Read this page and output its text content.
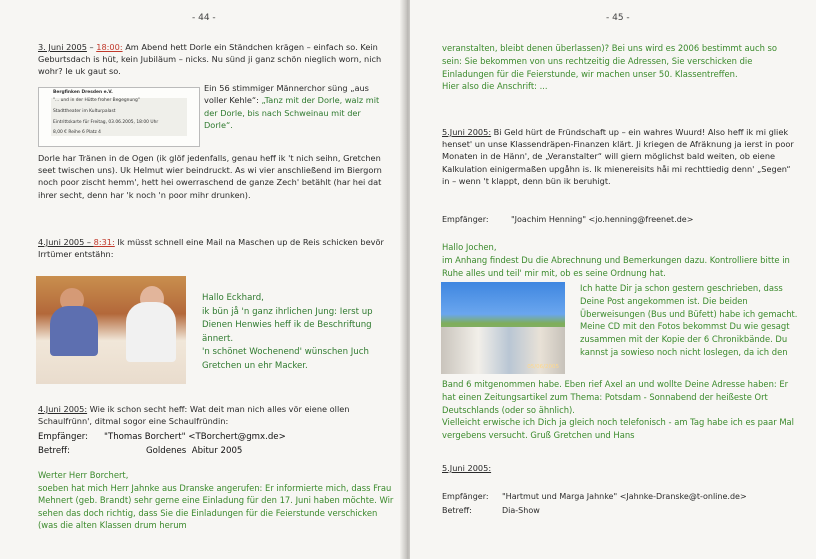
- 44 -

3. Juni 2005 – 18:00: Am Abend hett Dorle ein Ständchen krägen – einfach so. Kein Geburtsdach is hüt, kein Jubiläum – nicks. Nu sünd ji ganz schön nieglich worn, nich wohr? Ie uk gaut so.

Bergfinken Dresden e.V.
"... und in der Hütte froher Begegnung"
Stadttheater im Kulturpalast
Eintrittskarte für Freitag, 03.06.2005, 18:00 Uhr
8,00 € Reihe 6 Platz 4

Ein 56 stimmiger Männerchor süng „aus voller Kehle“: „Tanz mit der Dorle, walz mit der Dorle, bis nach Schweinau mit der Dorle“.

Dorle har Tränen in de Ogen (ik glöf jedenfalls, genau heff ik 't nich seihn, Gretchen seet twischen uns). Uk Helmut wier beindruckt. As wi vier anschließend im Biergorn noch poor zischt hemm', hett hei owerraschend de ganze Zech' betählt (har hei dat ihrer secht, denn har 'k noch 'n poor mihr drunken).

4.Juni 2005 – 8:31: Ik müsst schnell eine Mail na Maschen up de Reis schicken bevör Irrtümer entstähn:

Hallo Eckhard,
ik bün jå 'n ganz ihrlichen Jung: Ierst up Dienen Henwies heff ik de Beschriftung ännert.
'n schönet Wochenend' wünschen Juch Gretchen un ehr Macker.

4.Juni 2005: Wie ik schon secht heff: Wat deit man nich alles vör eiene ollen Schaulfrünn', ditmal sogor eine Schaulfründin:

Empfänger: "Thomas Borchert" <TBorchert@gmx.de>
Betreff:	Goldenes  Abitur 2005
Werter Herr Borchert,
soeben hat mich Herr Jahnke aus Dranske angerufen: Er informierte mich, dass Frau Mehnert (geb. Brandt) sehr gerne eine Einladung für den 17. Juni haben möchte. Wir sehen das doch richtig, dass Sie die Einladungen für die Feierstunde verschicken (was die alten Klassen drum herum
- 45 -
veranstalten, bleibt denen überlassen)? Bei uns wird es 2006 bestimmt auch so sein: Sie bekommen von uns rechtzeitig die Adressen, Sie verschicken die Einladungen für die Feierstunde, wir machen unser 50. Klassentreffen.
Hier also die Anschrift: ...

5.Juni 2005: Bi Geld hürt de Fründschaft up – ein wahres Wuurd! Also heff ik mi gliek henset' un unse Klassendräpen-Finanzen klärt. Ji kriegen de Afräknung ja ierst in poor Monaten in de Hänn', de „Veranstalter“ will giern möglichst bald weiten, ob eiene Kalkulation einigermaßen upgåhn is. Ik mienereisits håi mi rechttiedig denn' „Segen“ in – wenn 't klappt, denn bün ik beruhigt.

Empfänger:	"Joachim Henning" <jo.henning@freenet.de>
Hallo Jochen,
im Anhang findest Du die Abrechnung und Bemerkungen dazu. Kontrolliere bitte in Ruhe alles und teil' mir mit, ob es seine Ordnung hat.
05/06/2005
Ich hatte Dir ja schon gestern geschrieben, dass Deine Post angekommen ist. Die beiden Überweisungen (Bus und Büfett) habe ich gemacht. Meine CD mit den Fotos bekommst Du wie gesagt zusammen mit der Kopie der 6 Chronikbände. Du kannst ja sowieso noch nicht loslegen, da ich den
Band 6 mitgenommen habe. Eben rief Axel an und wollte Deine Adresse haben: Er hat einen Zeitungsartikel zum Thema: Potsdam - Sonnabend der heißeste Ort Deutschlands (oder so ähnlich).
Vielleicht erwische ich Dich ja gleich noch telefonisch - am Tag habe ich es paar Mal vergebens versucht. Gruß Gretchen und Hans
5.Juni 2005:
Empfänger: "Hartmut und Marga Jahnke" <Jahnke-Dranske@t-online.de>
Betreff:	Dia-Show
